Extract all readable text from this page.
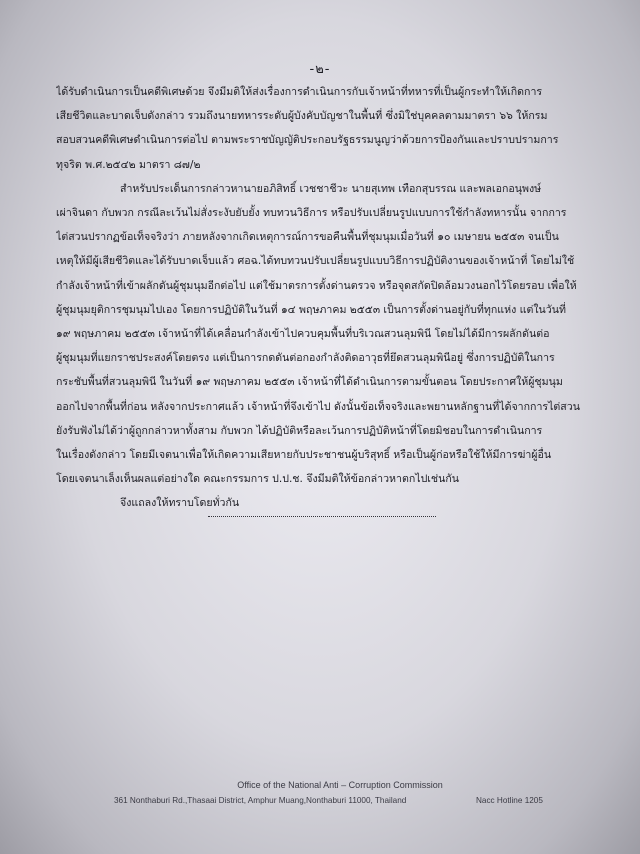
-๒-
ได้รับดำเนินการเป็นคดีพิเศษด้วย จึงมีมติให้ส่งเรื่องการดำเนินการกับเจ้าหน้าที่ทหารที่เป็นผู้กระทำให้เกิดการ
เสียชีวิตและบาดเจ็บดังกล่าว รวมถึงนายทหารระดับผู้บังคับบัญชาในพื้นที่ ซึ่งมิใช่บุคคลตามมาตรา ๖๖ ให้กรม
สอบสวนคดีพิเศษดำเนินการต่อไป ตามพระราชบัญญัติประกอบรัฐธรรมนูญว่าด้วยการป้องกันและปราบปรามการ
ทุจริต พ.ศ.๒๕๔๒ มาตรา ๘๗/๒
สำหรับประเด็นการกล่าวหานายอภิสิทธิ์ เวชชาชีวะ นายสุเทพ เทือกสุบรรณ และพลเอกอนุพงษ์
เผ่าจินดา กับพวก กรณีละเว้นไม่สั่งระงับยับยั้ง ทบทวนวิธีการ หรือปรับเปลี่ยนรูปแบบการใช้กำลังทหารนั้น จากการ
ไต่สวนปรากฏข้อเท็จจริงว่า ภายหลังจากเกิดเหตุการณ์การขอคืนพื้นที่ชุมนุมเมื่อวันที่ ๑๐ เมษายน ๒๕๕๓ จนเป็น
เหตุให้มีผู้เสียชีวิตและได้รับบาดเจ็บแล้ว ศอฉ.ได้ทบทวนปรับเปลี่ยนรูปแบบวิธีการปฏิบัติงานของเจ้าหน้าที่ โดยไม่ใช้
กำลังเจ้าหน้าที่เข้าผลักดันผู้ชุมนุมอีกต่อไป แต่ใช้มาตรการตั้งด่านตรวจ หรือจุดสกัดปิดล้อมวงนอกไว้โดยรอบ เพื่อให้
ผู้ชุมนุมยุติการชุมนุมไปเอง โดยการปฏิบัติในวันที่ ๑๔ พฤษภาคม ๒๕๕๓ เป็นการตั้งด่านอยู่กับที่ทุกแห่ง แต่ในวันที่
๑๙ พฤษภาคม ๒๕๕๓ เจ้าหน้าที่ได้เคลื่อนกำลังเข้าไปควบคุมพื้นที่บริเวณสวนลุมพินี โดยไม่ได้มีการผลักดันต่อ
ผู้ชุมนุมที่แยกราชประสงค์โดยตรง แต่เป็นการกดดันต่อกองกำลังติดอาวุธที่ยึดสวนลุมพินีอยู่ ซึ่งการปฏิบัติในการ
กระชับพื้นที่สวนลุมพินี ในวันที่ ๑๙ พฤษภาคม ๒๕๕๓ เจ้าหน้าที่ได้ดำเนินการตามขั้นตอน โดยประกาศให้ผู้ชุมนุม
ออกไปจากพื้นที่ก่อน หลังจากประกาศแล้ว เจ้าหน้าที่จึงเข้าไป ดังนั้นข้อเท็จจริงและพยานหลักฐานที่ได้จากการไต่สวน
ยังรับฟังไม่ได้ว่าผู้ถูกกล่าวหาทั้งสาม กับพวก ได้ปฏิบัติหรือละเว้นการปฏิบัติหน้าที่โดยมิชอบในการดำเนินการ
ในเรื่องดังกล่าว โดยมีเจตนาเพื่อให้เกิดความเสียหายกับประชาชนผู้บริสุทธิ์ หรือเป็นผู้ก่อหรือใช้ให้มีการฆ่าผู้อื่น
โดยเจตนาเล็งเห็นผลแต่อย่างใด คณะกรรมการ ป.ป.ช. จึงมีมติให้ข้อกล่าวหาตกไปเช่นกัน
จึงแถลงให้ทราบโดยทั่วกัน
Office of the National Anti – Corruption Commission
361 Nonthaburi Rd.,Thasaai District, Amphur Muang,Nonthaburi 11000, Thailand	Nacc Hotline 1205
